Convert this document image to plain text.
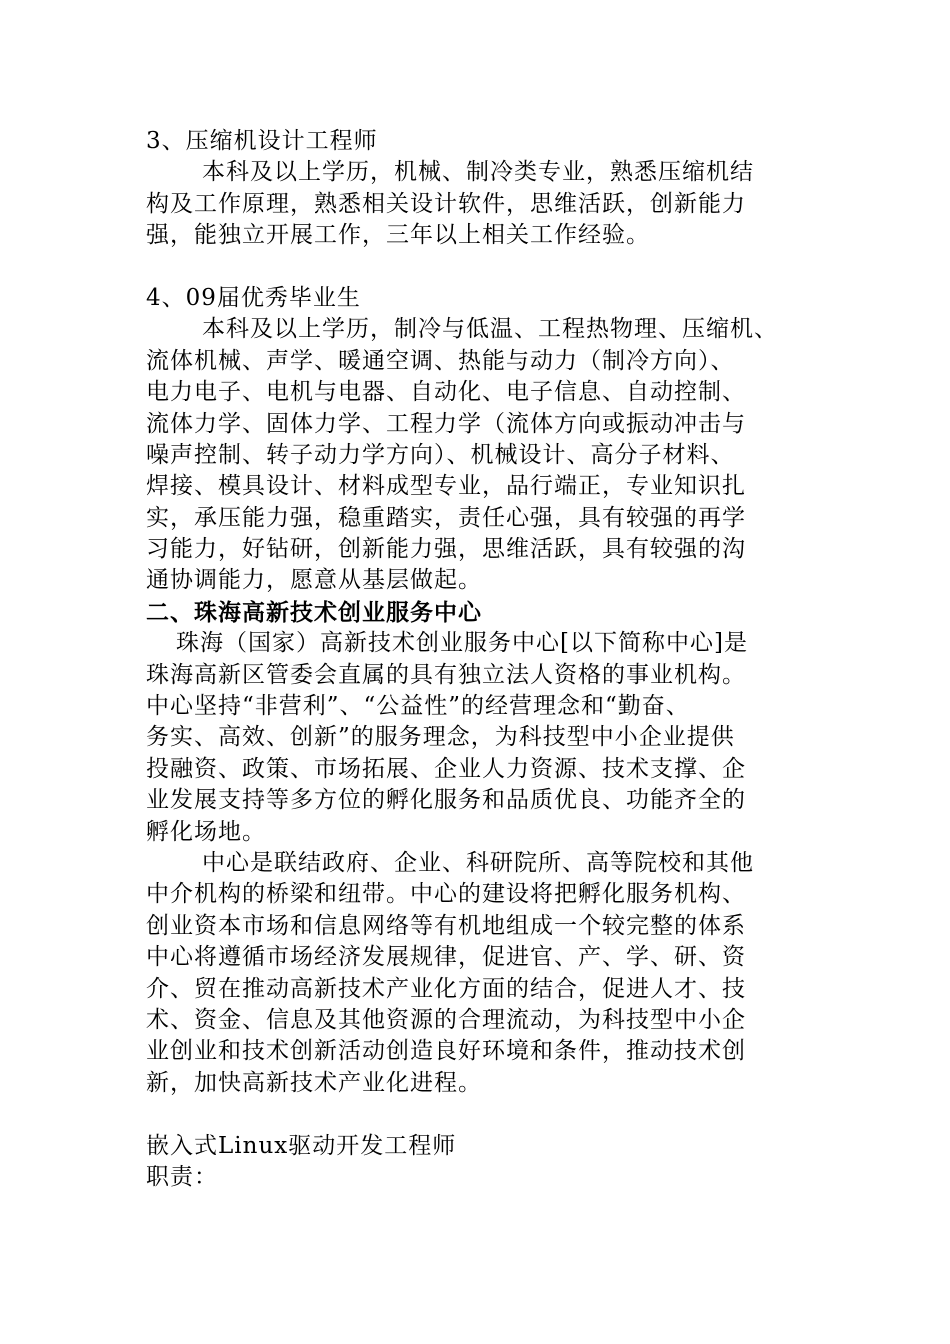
3、压缩机设计工程师
本科及以上学历，机械、制冷类专业，熟悉压缩机结
构及工作原理，熟悉相关设计软件，思维活跃，创新能力
强，能独立开展工作，三年以上相关工作经验。
4、09届优秀毕业生
本科及以上学历，制冷与低温、工程热物理、压缩机、
流体机械、声学、暖通空调、热能与动力（制冷方向）、
电力电子、电机与电器、自动化、电子信息、自动控制、
流体力学、固体力学、工程力学（流体方向或振动冲击与
噪声控制、转子动力学方向）、机械设计、高分子材料、
焊接、模具设计、材料成型专业，品行端正，专业知识扎
实，承压能力强，稳重踏实，责任心强，具有较强的再学
习能力，好钻研，创新能力强，思维活跃，具有较强的沟
通协调能力，愿意从基层做起。
二、珠海高新技术创业服务中心
珠海（国家）高新技术创业服务中心[以下简称中心]是
珠海高新区管委会直属的具有独立法人资格的事业机构。
中心坚持“非营利”、“公益性”的经营理念和“勤奋、
务实、高效、创新”的服务理念，为科技型中小企业提供
投融资、政策、市场拓展、企业人力资源、技术支撑、企
业发展支持等多方位的孵化服务和品质优良、功能齐全的
孵化场地。
中心是联结政府、企业、科研院所、高等院校和其他
中介机构的桥梁和纽带。中心的建设将把孵化服务机构、
创业资本市场和信息网络等有机地组成一个较完整的体系
中心将遵循市场经济发展规律，促进官、产、学、研、资
介、贸在推动高新技术产业化方面的结合，促进人才、技
术、资金、信息及其他资源的合理流动，为科技型中小企
业创业和技术创新活动创造良好环境和条件，推动技术创
新，加快高新技术产业化进程。
嵌入式Linux驱动开发工程师
职责：
